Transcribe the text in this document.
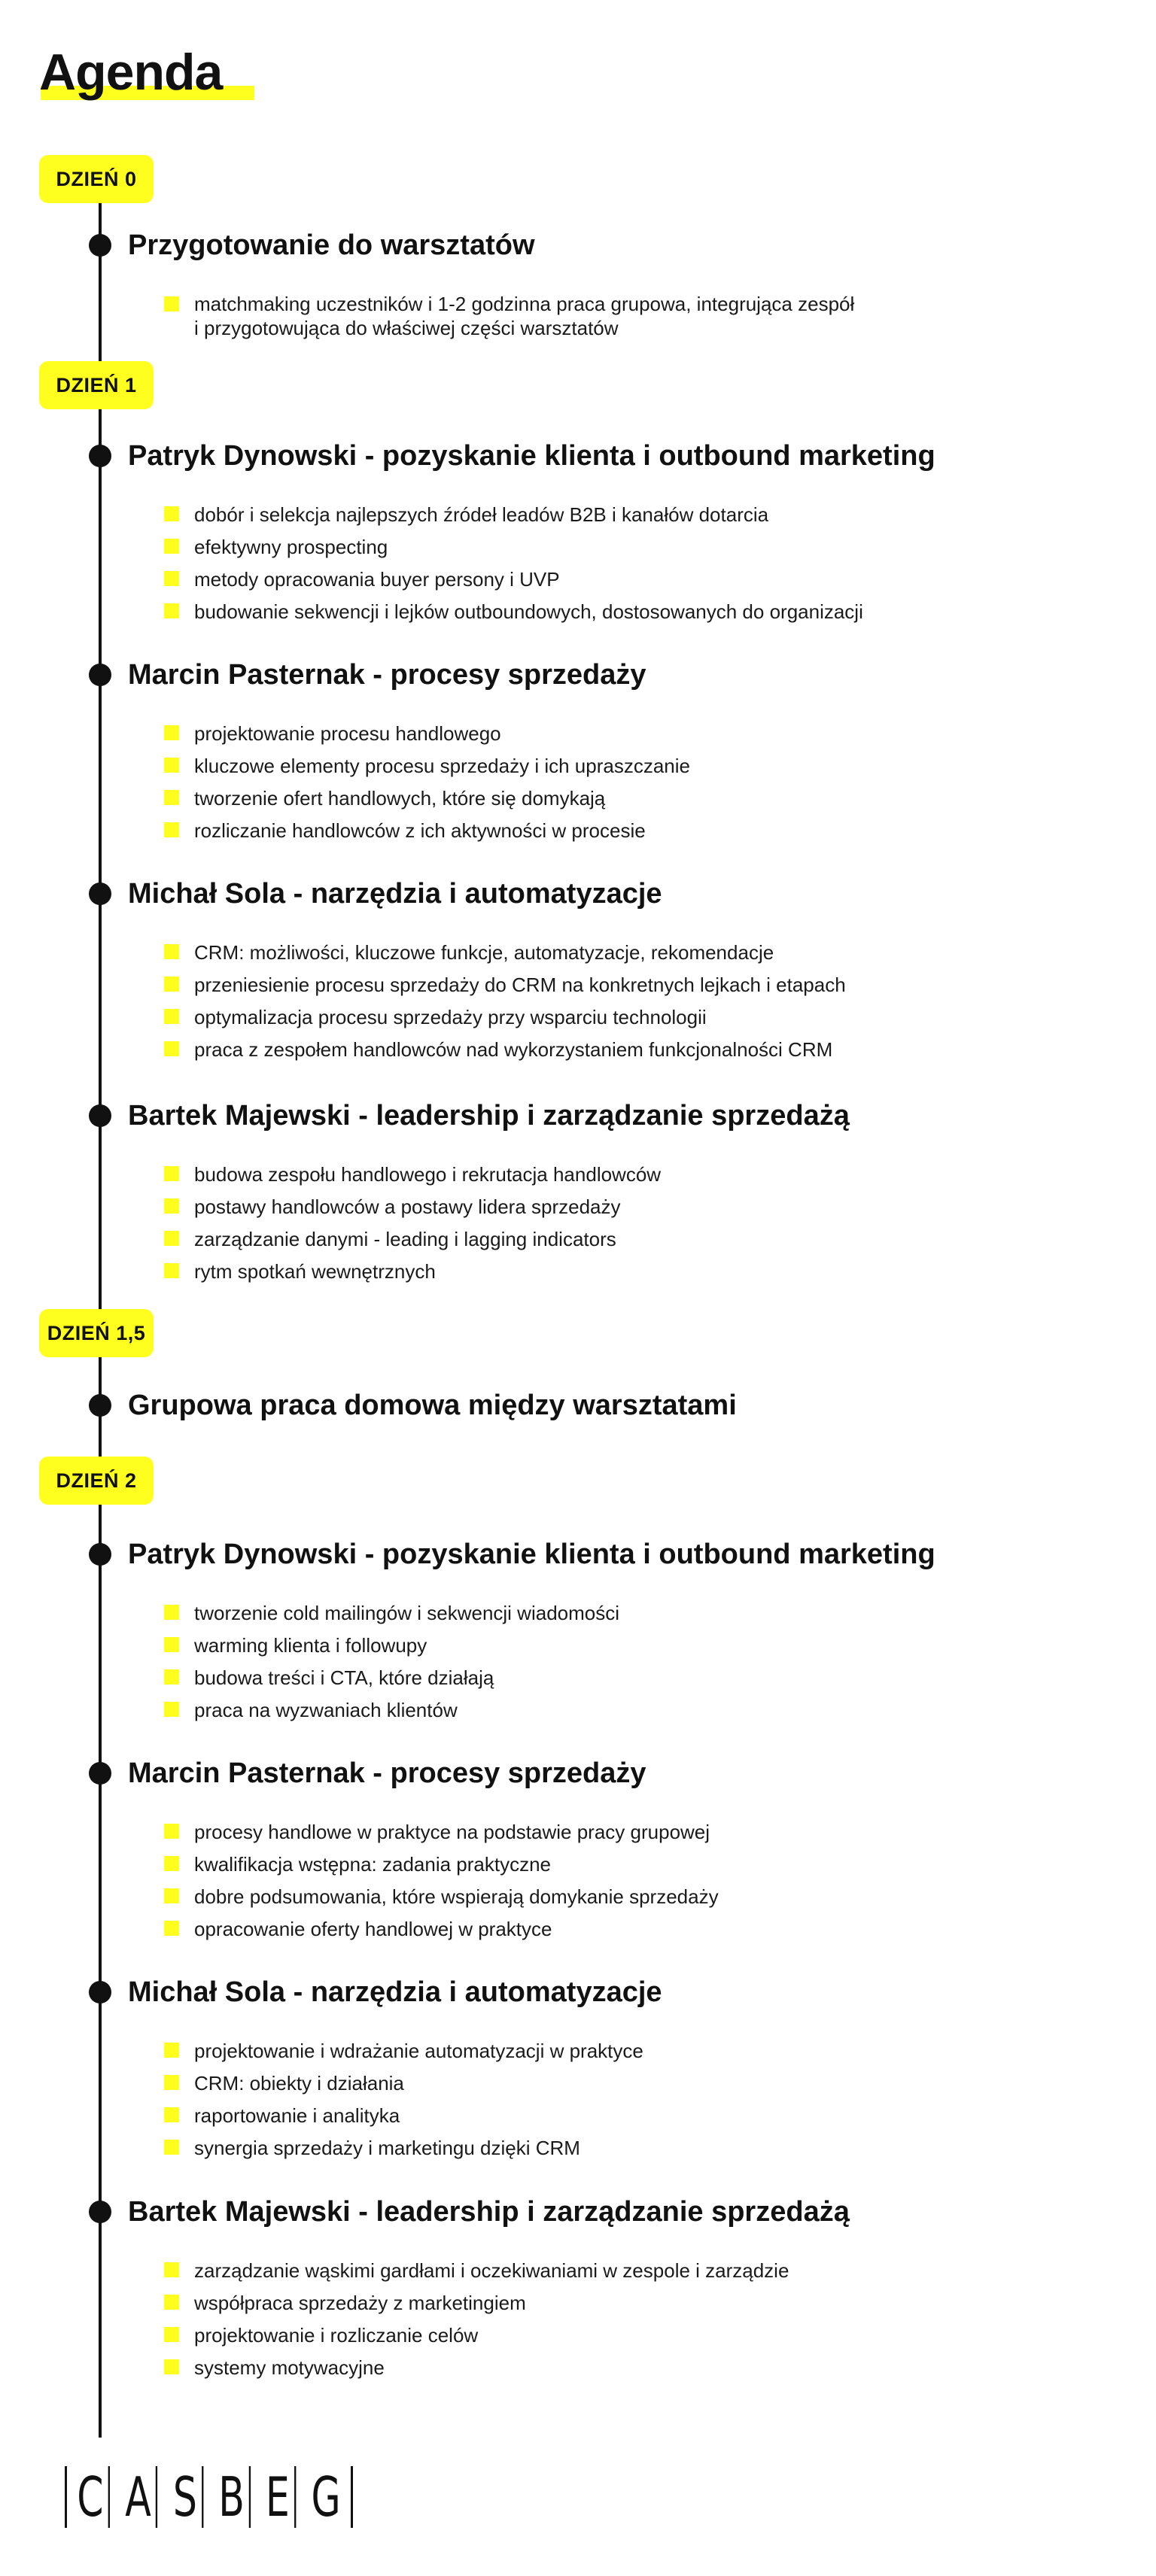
Agenda
DZIEŃ 0
DZIEŃ 1
DZIEŃ 1,5
DZIEŃ 2
Przygotowanie do warsztatów
matchmaking uczestników i 1-2 godzinna praca grupowa, integrująca zespół
i przygotowująca do właściwej części warsztatów
Patryk Dynowski - pozyskanie klienta i outbound marketing
dobór i selekcja najlepszych źródeł leadów B2B i kanałów dotarcia
efektywny prospecting
metody opracowania buyer persony i UVP
budowanie sekwencji i lejków outboundowych, dostosowanych do organizacji
Marcin Pasternak - procesy sprzedaży
projektowanie procesu handlowego
kluczowe elementy procesu sprzedaży i ich upraszczanie
tworzenie ofert handlowych, które się domykają
rozliczanie handlowców z ich aktywności w procesie
Michał Sola - narzędzia i automatyzacje
CRM: możliwości, kluczowe funkcje, automatyzacje, rekomendacje
przeniesienie procesu sprzedaży do CRM na konkretnych lejkach i etapach
optymalizacja procesu sprzedaży przy wsparciu technologii
praca z zespołem handlowców nad wykorzystaniem funkcjonalności CRM
Bartek Majewski - leadership i zarządzanie sprzedażą
budowa zespołu handlowego i rekrutacja handlowców
postawy handlowców a postawy lidera sprzedaży
zarządzanie danymi - leading i lagging indicators
rytm spotkań wewnętrznych
Grupowa praca domowa między warsztatami
Patryk Dynowski - pozyskanie klienta i outbound marketing
tworzenie cold mailingów i sekwencji wiadomości
warming klienta i followupy
budowa treści i CTA, które działają
praca na wyzwaniach klientów
Marcin Pasternak - procesy sprzedaży
procesy handlowe w praktyce na podstawie pracy grupowej
kwalifikacja wstępna: zadania praktyczne
dobre podsumowania, które wspierają domykanie sprzedaży
opracowanie oferty handlowej w praktyce
Michał Sola - narzędzia i automatyzacje
projektowanie i wdrażanie automatyzacji w praktyce
CRM: obiekty i działania
raportowanie i analityka
synergia sprzedaży i marketingu dzięki CRM
Bartek Majewski - leadership i zarządzanie sprzedażą
zarządzanie wąskimi gardłami i oczekiwaniami w zespole i zarządzie
współpraca sprzedaży z marketingiem
projektowanie i rozliczanie celów
systemy motywacyjne
C A S B E G
